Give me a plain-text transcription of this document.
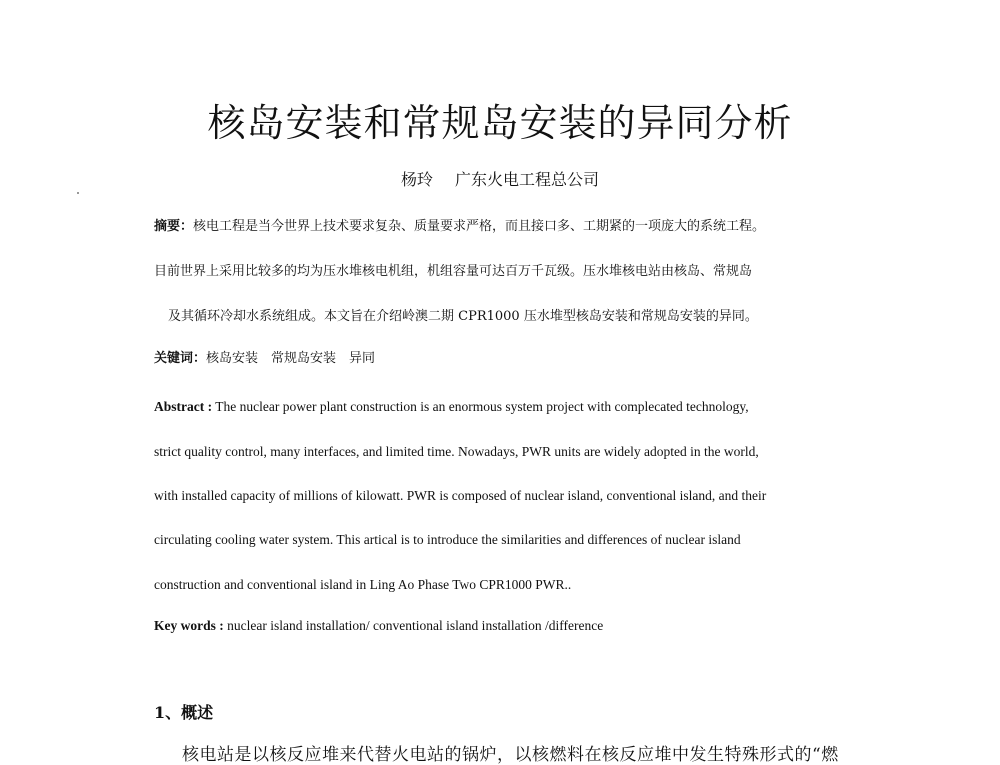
核岛安装和常规岛安装的异同分析
杨玲 广东火电工程总公司
摘要：核电工程是当今世界上技术要求复杂、质量要求严格，而且接口多、工期紧的一项庞大的系统工程。
目前世界上采用比较多的均为压水堆核电机组，机组容量可达百万千瓦级。压水堆核电站由核岛、常规岛
及其循环冷却水系统组成。本文旨在介绍岭澳二期 CPR1000 压水堆型核岛安装和常规岛安装的异同。
关键词：核岛安装　常规岛安装　异同
Abstract : The nuclear power plant construction is an enormous system project with complecated technology,
strict quality control, many interfaces, and limited time. Nowadays, PWR units are widely adopted in the world,
with installed capacity of millions of kilowatt. PWR is composed of nuclear island, conventional island, and their
circulating cooling water system. This artical is to introduce the similarities and differences of nuclear island
construction and conventional island in Ling Ao Phase Two CPR1000 PWR..
Key words : nuclear island installation/ conventional island installation /difference
1、概述
核电站是以核反应堆来代替火电站的锅炉，以核燃料在核反应堆中发生特殊形式的“燃
